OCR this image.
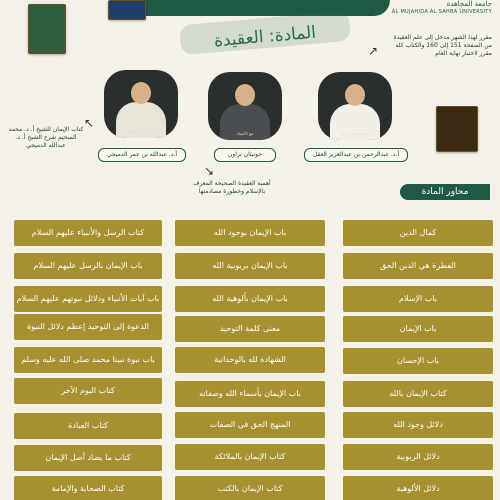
جامعة المجاهدة
AL MUJAHIDA AL SAHBA UNIVERSITY
المادة: العقيدة	مقرر لهذا الشهر مدخل إلى علم العقيدة من الصفحة 151 إلى 160 والكتاب كله مقرر لاختبار نهاية العام
↗
مع فضيلة الشيخ
أ.د. عبدالله بن عمر الدميجي
مع الأستاذ
جونيثان براون
مع فضيلة الشيخ
أ.د. عبدالرحمن بن عبدالعزيز العقل
كتاب الإيمان للشيخ أ. د. محمد السحيم شرح الشيخ أ. د. عبدالله الدميجي
↖
أهمية العقيدة الصحيحة المعرف بالإسلام وخطورة مصادمتها
↘
محاور المادة
كتاب الرسل والأنبياء عليهم السلام
باب الإيمان بالرسل عليهم السلام
باب آيات الأنبياء ودلائل نبوتهم عليهم السلام
الدعوة إلى التوحيد إعظم دلائل النبوة
باب نبوة نبينا محمد صلى الله عليه وسلم
كتاب اليوم الآخر
كتاب العبادة
كتاب ما يضاد أصل الإيمان
كتاب الصحابة والإمامة
باب الإيمان بوجود الله
باب الإيمان بربوبية الله
باب الإيمان بألوهية الله
معنى كلمة التوحيد
الشهادة لله بالوحدانية
باب الإيمان بأسماء الله وصفاته
المنهج الحق في الصفات
كتاب الإيمان بالملائكة
كتاب الإيمان بالكتب
كمال الدين
الفطرة هي الدين الحق
باب الإسلام
باب الإيمان
باب الإحسان
كتاب الإيمان بالله
دلائل وجود الله
دلائل الربوبية
دلائل الألوهية
